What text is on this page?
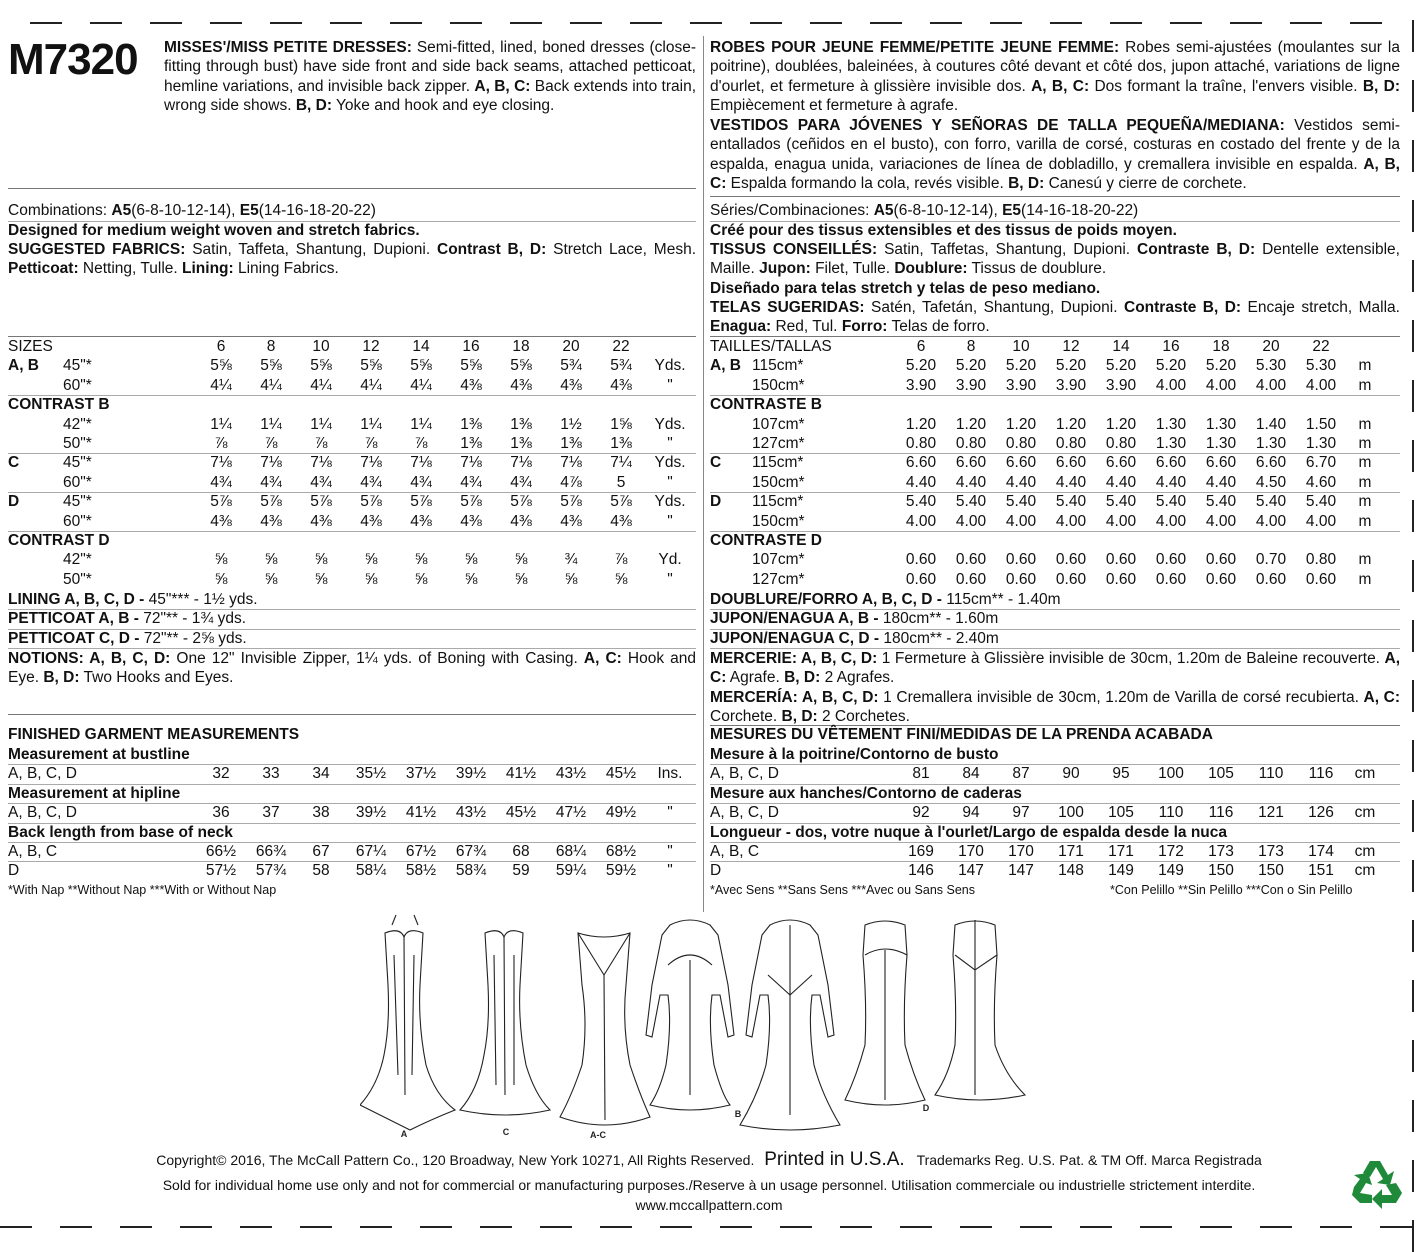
M7320 MISSES'/MISS PETITE DRESSES: Semi-fitted, lined, boned dresses (close-fitting through bust) have side front and side back seams, attached petticoat, hemline variations, and invisible back zipper. A, B, C: Back extends into train, wrong side shows. B, D: Yoke and hook and eye closing.

Combinations: A5(6-8-10-12-14), E5(14-16-18-20-22)

Designed for medium weight woven and stretch fabrics.

SUGGESTED FABRICS: Satin, Taffeta, Shantung, Dupioni. Contrast B, D: Stretch Lace, Mesh. Petticoat: Netting, Tulle. Lining: Lining Fabrics.

SIZES	6	8	10	12	14	16	18	20	22
A, B 45"*	5⅝	5⅝	5⅝	5⅝	5⅝	5⅝	5⅝	5¾	5¾	Yds.
60"*	4¼	4¼	4¼	4¼	4¼	4⅜	4⅜	4⅜	4⅜	"
CONTRAST B
42"*	1¼	1¼	1¼	1¼	1¼	1⅜	1⅜	1½	1⅝	Yds.
50"*	⅞	⅞	⅞	⅞	⅞	1⅜	1⅜	1⅜	1⅜	"
C	45"*	7⅛	7⅛	7⅛	7⅛	7⅛	7⅛	7⅛	7⅛	7¼	Yds.
60"*	4¾	4¾	4¾	4¾	4¾	4¾	4¾	4⅞	5	"
D	45"*	5⅞	5⅞	5⅞	5⅞	5⅞	5⅞	5⅞	5⅞	5⅞	Yds.
60"*	4⅜	4⅜	4⅜	4⅜	4⅜	4⅜	4⅜	4⅜	4⅜	"
CONTRAST D
42"*	⅝	⅝	⅝	⅝	⅝	⅝	⅝	¾	⅞	Yd.
50"*	⅝	⅝	⅝	⅝	⅝	⅝	⅝	⅝	⅝	"
LINING A, B, C, D - 45"*** - 1½ yds.
PETTICOAT A, B - 72"** - 1¾ yds.
PETTICOAT C, D - 72"** - 2⅝ yds.

NOTIONS: A, B, C, D: One 12" Invisible Zipper, 1¼ yds. of Boning with Casing. A, C: Hook and Eye. B, D: Two Hooks and Eyes.

FINISHED GARMENT MEASUREMENTS
Measurement at bustline
A, B, C, D	32	33	34	35½	37½	39½	41½	43½	45½	Ins.
Measurement at hipline
A, B, C, D	36	37	38	39½	41½	43½	45½	47½	49½	"
Back length from base of neck
A, B, C	66½	66¾	67	67¼	67½	67¾	68	68¼	68½	"
D	57½	57¾	58	58¼	58½	58¾	59	59¼	59½	"
*With Nap **Without Nap ***With or Without Nap

ROBES POUR JEUNE FEMME/PETITE JEUNE FEMME: Robes semi-ajustées (moulantes sur la poitrine), doublées, baleinées, à coutures côté devant et côté dos, jupon attaché, variations de ligne d'ourlet, et fermeture à glissière invisible dos. A, B, C: Dos formant la traîne, l'envers visible. B, D: Empiècement et fermeture à agrafe.

VESTIDOS PARA JÓVENES Y SEÑORAS DE TALLA PEQUEÑA/MEDIANA: Vestidos semi-entallados (ceñidos en el busto), con forro, varilla de corsé, costuras en costado del frente y de la espalda, enagua unida, variaciones de línea de dobladillo, y cremallera invisible en espalda. A, B, C: Espalda formando la cola, revés visible. B, D: Canesú y cierre de corchete.

Séries/Combinaciones: A5(6-8-10-12-14), E5(14-16-18-20-22)

Créé pour des tissus extensibles et des tissus de poids moyen.

TISSUS CONSEILLÉS: Satin, Taffetas, Shantung, Dupioni. Contraste B, D: Dentelle extensible, Maille. Jupon: Filet, Tulle. Doublure: Tissus de doublure.

Diseñado para telas stretch y telas de peso mediano.

TELAS SUGERIDAS: Satén, Tafetán, Shantung, Dupioni. Contraste B, D: Encaje stretch, Malla. Enagua: Red, Tul. Forro: Telas de forro.

TAILLES/TALLAS	6	8	10	12	14	16	18	20	22
A, B 115cm*	5.20	5.20	5.20	5.20	5.20	5.20	5.20	5.30	5.30	m
150cm*	3.90	3.90	3.90	3.90	3.90	4.00	4.00	4.00	4.00	m
CONTRASTE B
107cm*	1.20	1.20	1.20	1.20	1.20	1.30	1.30	1.40	1.50	m
127cm*	0.80	0.80	0.80	0.80	0.80	1.30	1.30	1.30	1.30	m
C 115cm*	6.60	6.60	6.60	6.60	6.60	6.60	6.60	6.60	6.70	m
150cm*	4.40	4.40	4.40	4.40	4.40	4.40	4.40	4.50	4.60	m
D 115cm*	5.40	5.40	5.40	5.40	5.40	5.40	5.40	5.40	5.40	m
150cm*	4.00	4.00	4.00	4.00	4.00	4.00	4.00	4.00	4.00	m
CONTRASTE D
107cm*	0.60	0.60	0.60	0.60	0.60	0.60	0.60	0.70	0.80	m
127cm*	0.60	0.60	0.60	0.60	0.60	0.60	0.60	0.60	0.60	m
DOUBLURE/FORRO A, B, C, D - 115cm** - 1.40m
JUPON/ENAGUA A, B - 180cm** - 1.60m
JUPON/ENAGUA C, D - 180cm** - 2.40m

MERCERIE: A, B, C, D: 1 Fermeture à Glissière invisible de 30cm, 1.20m de Baleine recouverte. A, C: Agrafe. B, D: 2 Agrafes.

MERCERÍA: A, B, C, D: 1 Cremallera invisible de 30cm, 1.20m de Varilla de corsé recubierta. A, C: Corchete. B, D: 2 Corchetes.

MESURES DU VÊTEMENT FINI/MEDIDAS DE LA PRENDA ACABADA
Mesure à la poitrine/Contorno de busto
A, B, C, D	81	84	87	90	95	100	105	110	116	cm
Mesure aux hanches/Contorno de caderas
A, B, C, D	92	94	97	100	105	110	116	121	126	cm
Longueur - dos, votre nuque à l'ourlet/Largo de espalda desde la nuca
A, B, C	169	170	170	171	171	172	173	173	174	cm
D	146	147	147	148	149	149	150	150	151	cm
*Avec Sens **Sans Sens ***Avec ou Sans Sens	*Con Pelillo **Sin Pelillo ***Con o Sin Pelillo
A	C	A-C
B
D
Copyright© 2016, The McCall Pattern Co., 120 Broadway, New York 10271, All Rights Reserved. Printed in U.S.A. Trademarks Reg. U.S. Pat. & TM Off. Marca Registrada
Sold for individual home use only and not for commercial or manufacturing purposes./Reserve à un usage personnel. Utilisation commerciale ou industrielle strictement interdite.
www.mccallpattern.com
